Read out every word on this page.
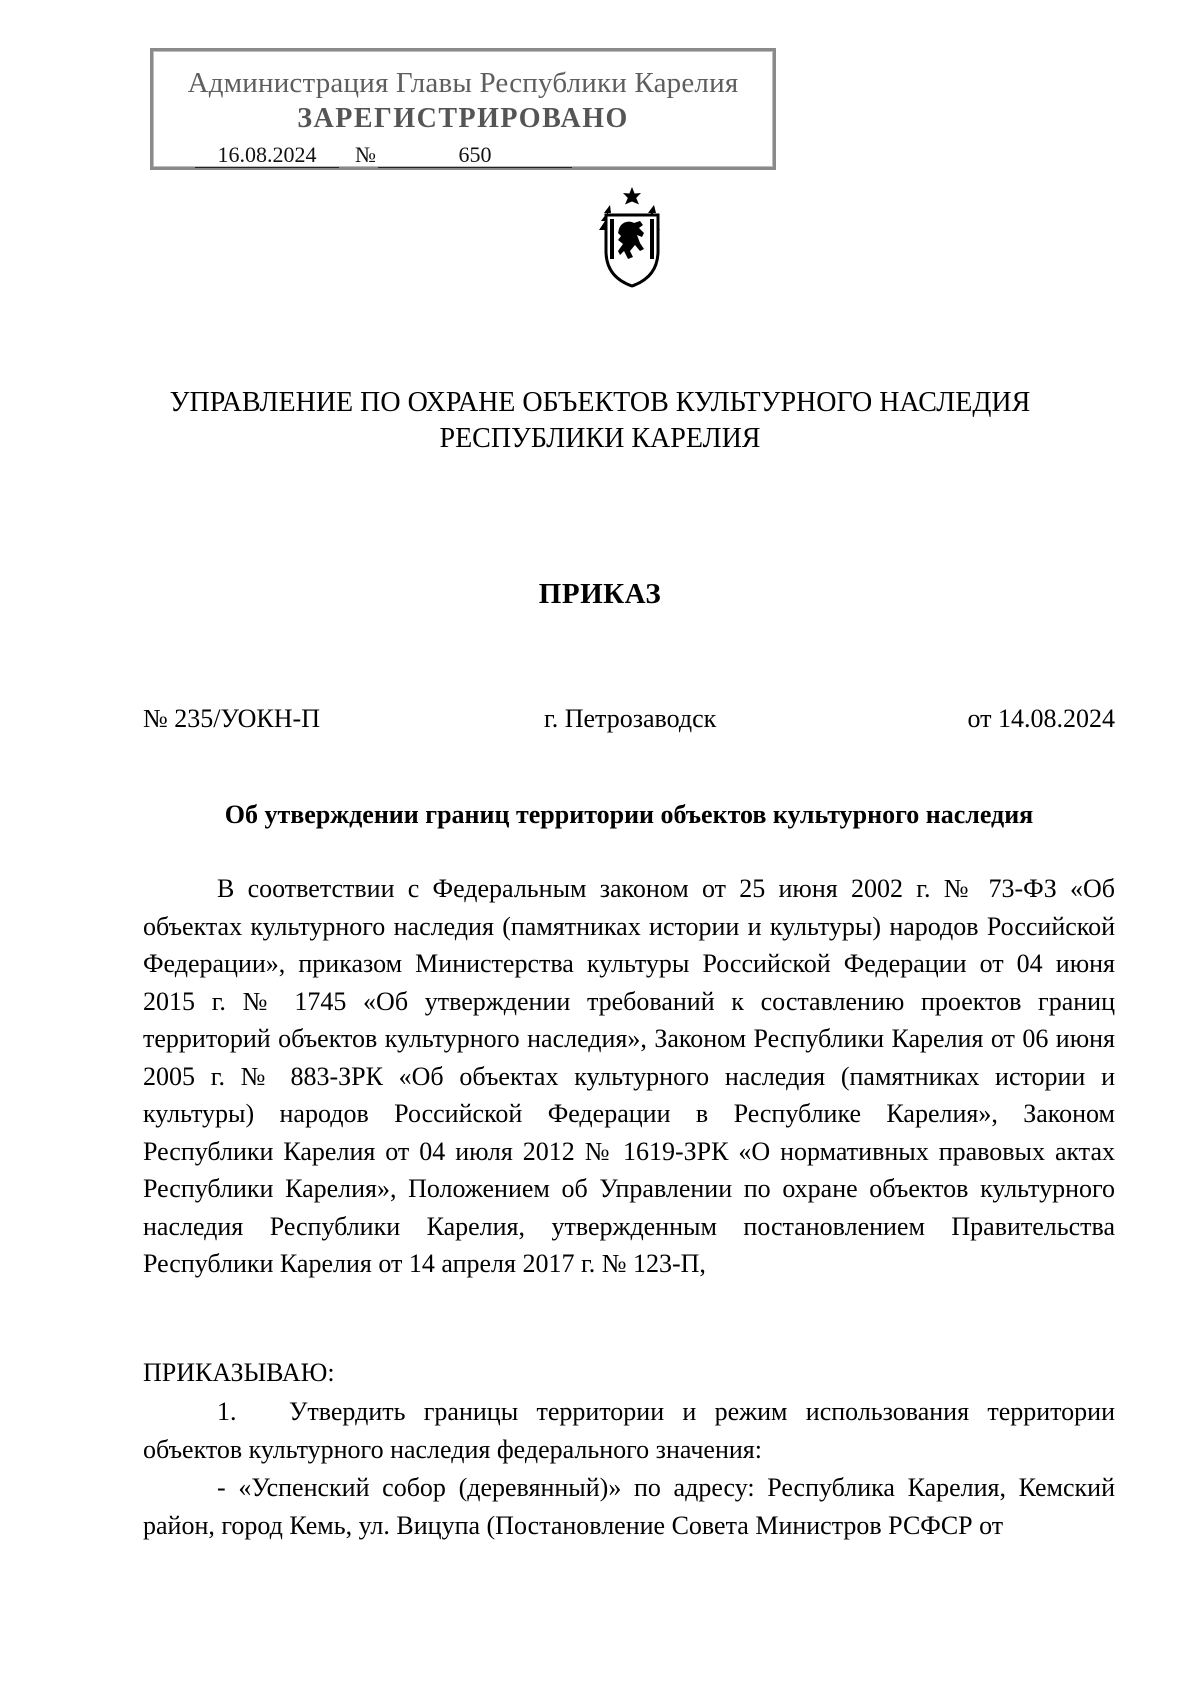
Администрация Главы Республики Карелия
ЗАРЕГИСТРИРОВАНО
16.08.2024	№	650
УПРАВЛЕНИЕ ПО ОХРАНЕ ОБЪЕКТОВ КУЛЬТУРНОГО НАСЛЕДИЯ
РЕСПУБЛИКИ КАРЕЛИЯ
ПРИКАЗ
№ 235/УОКН-П	г. Петрозаводск	от 14.08.2024
Об утверждении границ территории объектов культурного наследия
В соответствии с Федеральным законом от 25 июня 2002 г. № 73-ФЗ «Об объектах культурного наследия (памятниках истории и культуры) народов Российской Федерации», приказом Министерства культуры Российской Федерации от 04 июня 2015 г. № 1745 «Об утверждении требований к составлению проектов границ территорий объектов культурного наследия», Законом Республики Карелия от 06 июня 2005 г. № 883-ЗРК «Об объектах культурного наследия (памятниках истории и культуры) народов Российской Федерации в Республике Карелия», Законом Республики Карелия от 04 июля 2012 № 1619-ЗРК «О нормативных правовых актах Республики Карелия», Положением об Управлении по охране объектов культурного наследия Республики Карелия, утвержденным постановлением Правительства Республики Карелия от 14 апреля 2017 г. № 123-П,
ПРИКАЗЫВАЮ:
1. Утвердить границы территории и режим использования территории объектов культурного наследия федерального значения:
- «Успенский собор (деревянный)» по адресу: Республика Карелия, Кемский район, город Кемь, ул. Вицупа (Постановление Совета Министров РСФСР от
